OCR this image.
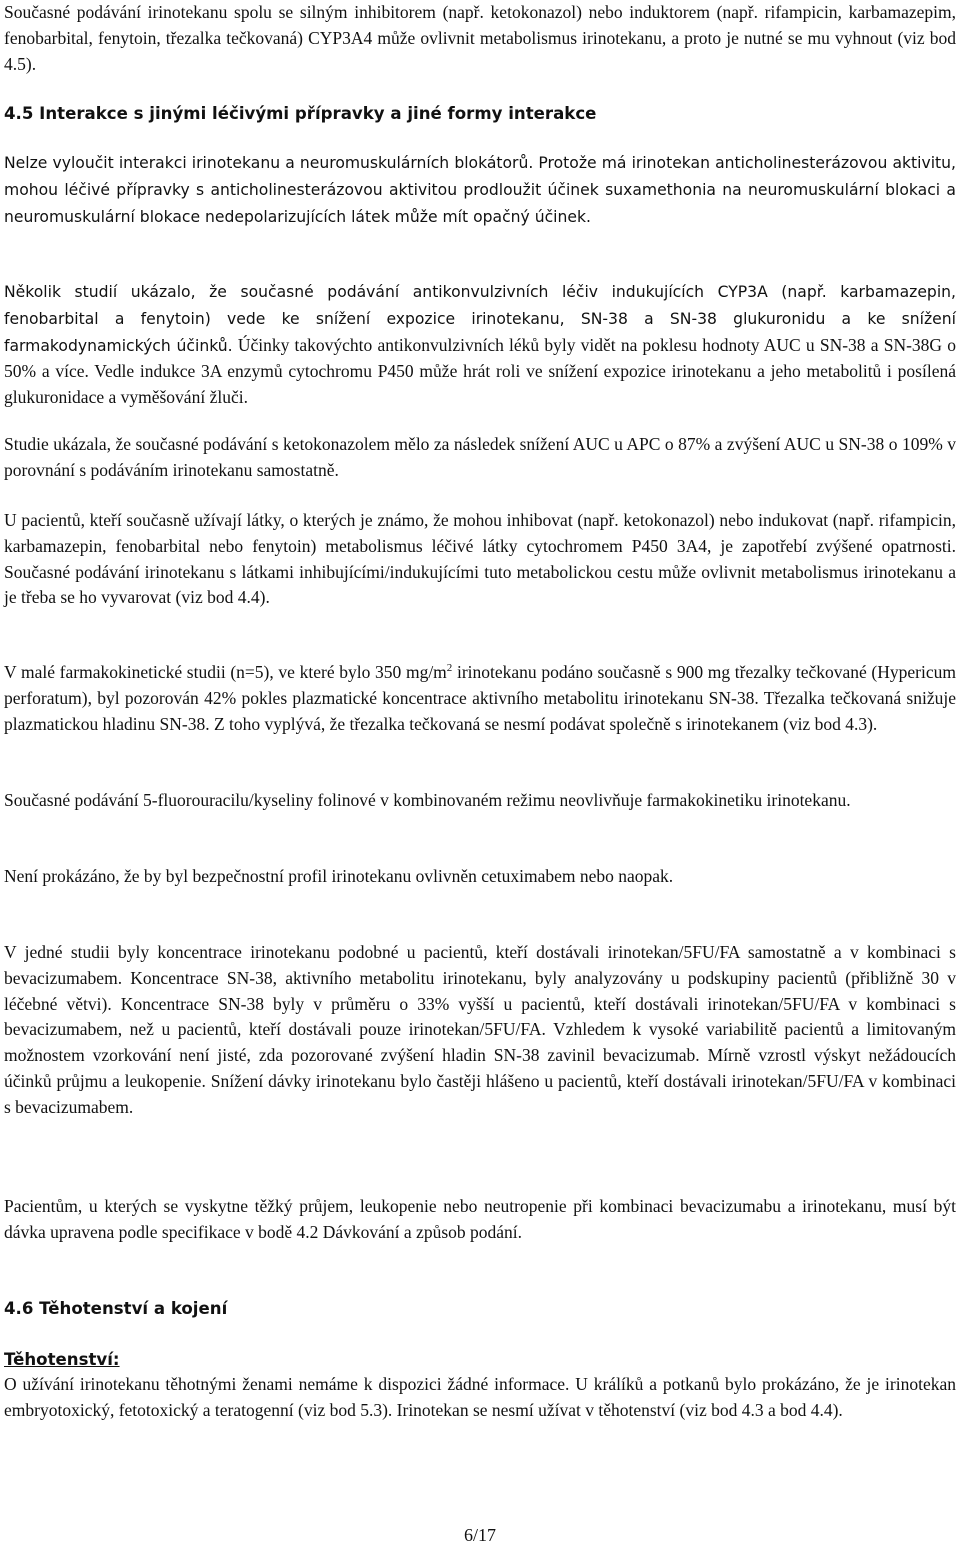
Současné podávání irinotekanu spolu se silným inhibitorem (např. ketokonazol) nebo induktorem (např. rifampicin, karbamazepim, fenobarbital, fenytoin, třezalka tečkovaná) CYP3A4 může ovlivnit metabolismus irinotekanu, a proto je nutné se mu vyhnout (viz bod 4.5).

4.5 Interakce s jinými léčivými přípravky a jiné formy interakce

Nelze vyloučit interakci irinotekanu a neuromuskulárních blokátorů. Protože má irinotekan anticholinesterázovou aktivitu, mohou léčivé přípravky s anticholinesterázovou aktivitou prodloužit účinek suxamethonia na neuromuskulární blokaci a neuromuskulární blokace nedepolarizujících látek může mít opačný účinek.

Několik studií ukázalo, že současné podávání antikonvulzivních léčiv indukujících CYP3A (např. karbamazepin, fenobarbital a fenytoin) vede ke snížení expozice irinotekanu, SN-38 a SN-38 glukuronidu a ke snížení farmakodynamických účinků. Účinky takovýchto antikonvulzivních léků byly vidět na poklesu hodnoty AUC u SN-38 a SN-38G o 50% a více. Vedle indukce 3A enzymů cytochromu P450 může hrát roli ve snížení expozice irinotekanu a jeho metabolitů i posílená glukuronidace a vyměšování žluči.

Studie ukázala, že současné podávání s ketokonazolem mělo za následek snížení AUC u APC o 87% a zvýšení AUC u SN-38 o 109% v porovnání s podáváním irinotekanu samostatně.

U pacientů, kteří současně užívají látky, o kterých je známo, že mohou inhibovat (např. ketokonazol) nebo indukovat (např. rifampicin, karbamazepin, fenobarbital nebo fenytoin) metabolismus léčivé látky cytochromem P450 3A4, je zapotřebí zvýšené opatrnosti. Současné podávání irinotekanu s látkami inhibujícími/indukujícími tuto metabolickou cestu může ovlivnit metabolismus irinotekanu a je třeba se ho vyvarovat (viz bod 4.4).

V malé farmakokinetické studii (n=5), ve které bylo 350 $mg/m^2$ irinotekanu podáno současně s 900 mg třezalky tečkované (Hypericum perforatum), byl pozorován 42% pokles plazmatické koncentrace aktivního metabolitu irinotekanu SN-38. Třezalka tečkovaná snižuje plazmatickou hladinu SN-38. Z toho vyplývá, že třezalka tečkovaná se nesmí podávat společně s irinotekanem (viz bod 4.3).

Současné podávání 5-fluorouracilu/kyseliny folinové v kombinovaném režimu neovlivňuje farmakokinetiku irinotekanu.

Není prokázáno, že by byl bezpečnostní profil irinotekanu ovlivněn cetuximabem nebo naopak.

V jedné studii byly koncentrace irinotekanu podobné u pacientů, kteří dostávali irinotekan/5FU/FA samostatně a v kombinaci s bevacizumabem. Koncentrace SN-38, aktivního metabolitu irinotekanu, byly analyzovány u podskupiny pacientů (přibližně 30 v léčebné větvi). Koncentrace SN-38 byly v průměru o 33% vyšší u pacientů, kteří dostávali irinotekan/5FU/FA v kombinaci s bevacizumabem, než u pacientů, kteří dostávali pouze irinotekan/5FU/FA. Vzhledem k vysoké variabilitě pacientů a limitovaným možnostem vzorkování není jisté, zda pozorované zvýšení hladin SN-38 zavinil bevacizumab. Mírně vzrostl výskyt nežádoucích účinků průjmu a leukopenie. Snížení dávky irinotekanu bylo častěji hlášeno u pacientů, kteří dostávali irinotekan/5FU/FA v kombinaci s bevacizumabem.

Pacientům, u kterých se vyskytne těžký průjem, leukopenie nebo neutropenie při kombinaci bevacizumabu a irinotekanu, musí být dávka upravena podle specifikace v bodě 4.2 Dávkování a způsob podání.

4.6 Těhotenství a kojení

Těhotenství:

O užívání irinotekanu těhotnými ženami nemáme k dispozici žádné informace. U králíků a potkanů bylo prokázáno, že je irinotekan embryotoxický, fetotoxický a teratogenní (viz bod 5.3). Irinotekan se nesmí užívat v těhotenství (viz bod 4.3 a bod 4.4).

6/17
